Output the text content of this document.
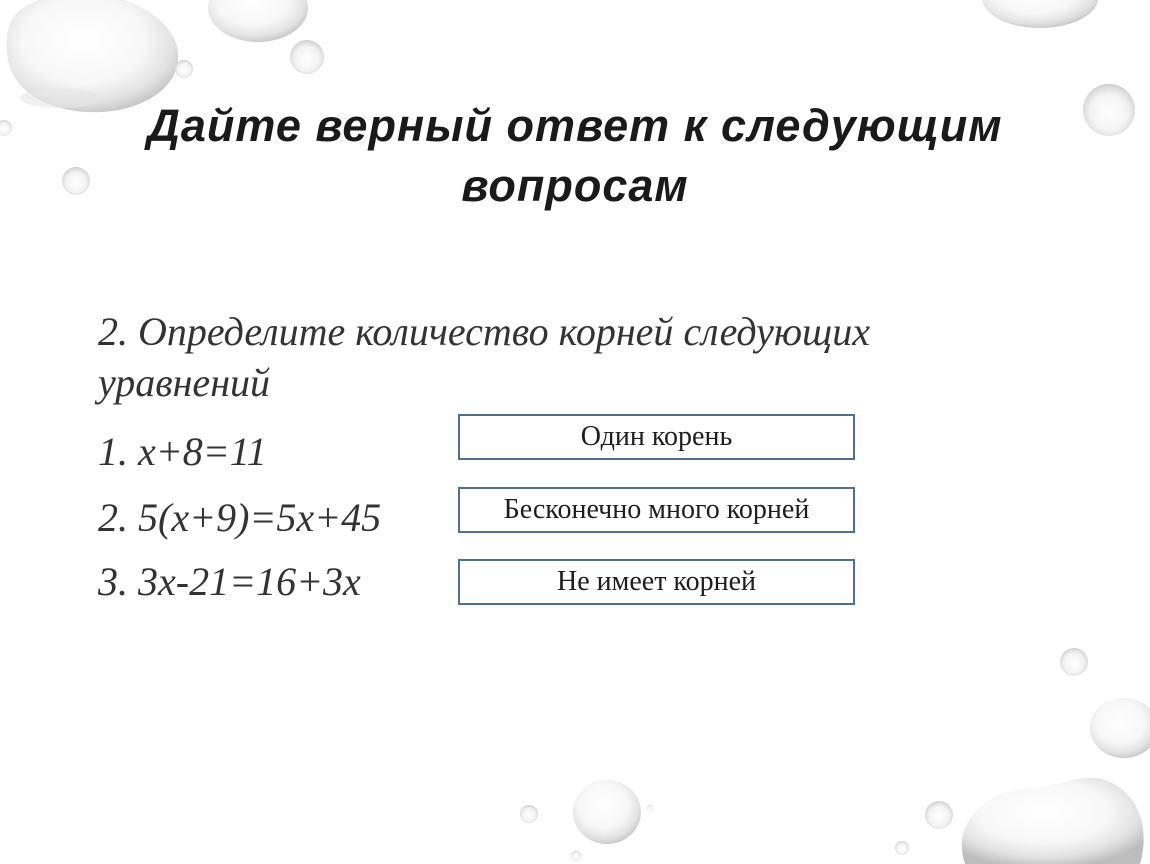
Дайте верный ответ к следующим
вопросам
2. Определите количество корней следующих
уравнений
1. x+8=11
2. 5(x+9)=5x+45
3. 3x-21=16+3x
Один корень
Бесконечно много корней
Не имеет корней
